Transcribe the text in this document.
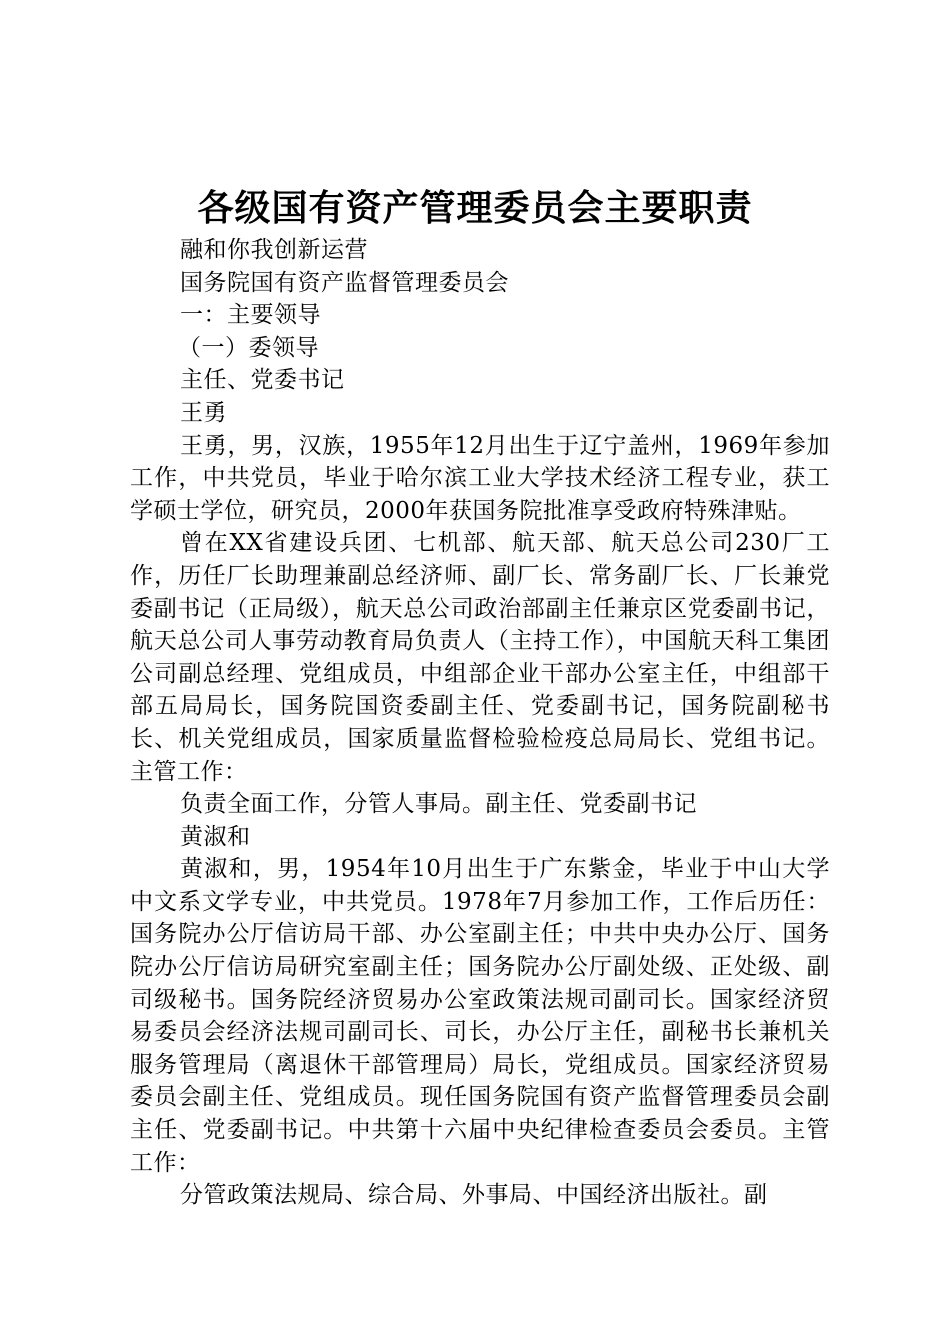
各级国有资产管理委员会主要职责

融和你我创新运营

国务院国有资产监督管理委员会

一：主要领导

（一）委领导

主任、党委书记

王勇

王勇，男，汉族，1955年12月出生于辽宁盖州，1969年参加工作，中共党员，毕业于哈尔滨工业大学技术经济工程专业，获工学硕士学位，研究员，2000年获国务院批准享受政府特殊津贴。

曾在XX省建设兵团、七机部、航天部、航天总公司230厂工作，历任厂长助理兼副总经济师、副厂长、常务副厂长、厂长兼党委副书记（正局级），航天总公司政治部副主任兼京区党委副书记，航天总公司人事劳动教育局负责人（主持工作），中国航天科工集团公司副总经理、党组成员，中组部企业干部办公室主任，中组部干部五局局长，国务院国资委副主任、党委副书记，国务院副秘书长、机关党组成员，国家质量监督检验检疫总局局长、党组书记。主管工作：

负责全面工作，分管人事局。副主任、党委副书记

黄淑和

黄淑和，男，1954年10月出生于广东紫金，毕业于中山大学中文系文学专业，中共党员。1978年7月参加工作，工作后历任：国务院办公厅信访局干部、办公室副主任；中共中央办公厅、国务院办公厅信访局研究室副主任；国务院办公厅副处级、正处级、副司级秘书。国务院经济贸易办公室政策法规司副司长。国家经济贸易委员会经济法规司副司长、司长，办公厅主任，副秘书长兼机关服务管理局（离退休干部管理局）局长，党组成员。国家经济贸易委员会副主任、党组成员。现任国务院国有资产监督管理委员会副主任、党委副书记。中共第十六届中央纪律检查委员会委员。主管工作：

分管政策法规局、综合局、外事局、中国经济出版社。副
